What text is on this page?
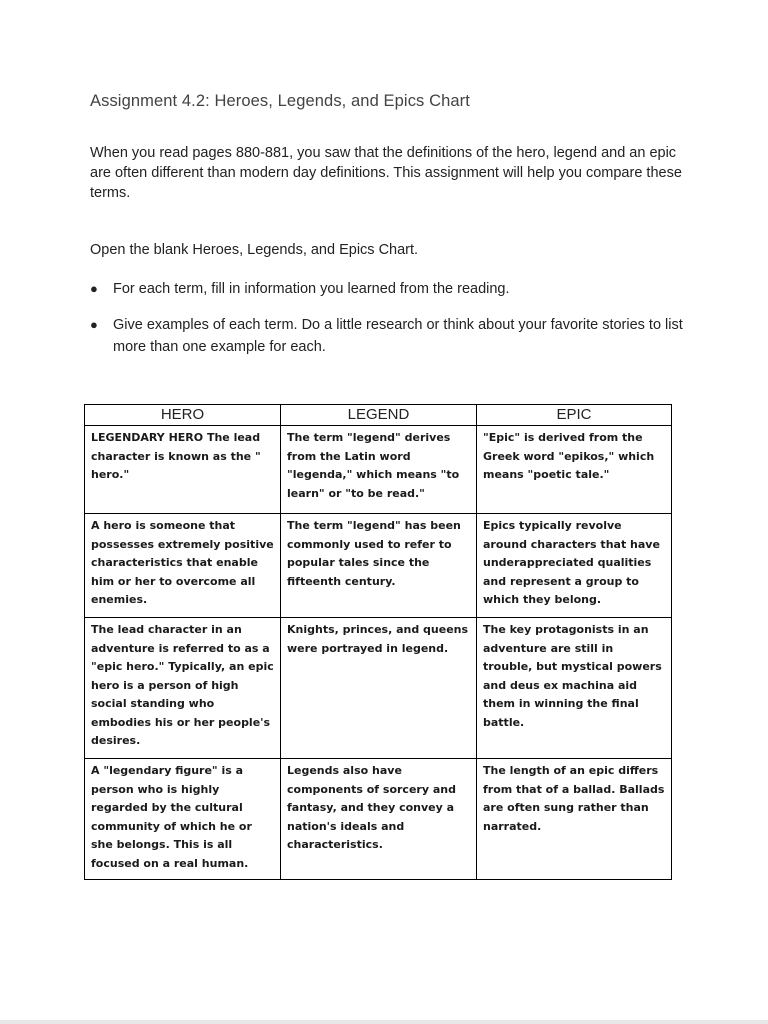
Assignment 4.2: Heroes, Legends, and Epics Chart
When you read pages 880-881, you saw that the definitions of the hero, legend and an epic are often different than modern day definitions. This assignment will help you compare these terms.
Open the blank Heroes, Legends, and Epics Chart.
● For each term, fill in information you learned from the reading.
● Give examples of each term. Do a little research or think about your favorite stories to list more than one example for each.
HERO	LEGEND	EPIC
LEGENDARY HERO The lead character is known as the " hero."	The term "legend" derives from the Latin word "legenda," which means "to learn" or "to be read."	"Epic" is derived from the Greek word "epikos," which means "poetic tale."
A hero is someone that possesses extremely positive characteristics that enable him or her to overcome all enemies.	The term "legend" has been commonly used to refer to popular tales since the fifteenth century.	Epics typically revolve around characters that have underappreciated qualities and represent a group to which they belong.
The lead character in an adventure is referred to as a "epic hero." Typically, an epic hero is a person of high social standing who embodies his or her people's desires.	Knights, princes, and queens were portrayed in legend.	The key protagonists in an adventure are still in trouble, but mystical powers and deus ex machina aid them in winning the final battle.
A "legendary figure" is a person who is highly regarded by the cultural community of which he or she belongs. This is all focused on a real human.	Legends also have components of sorcery and fantasy, and they convey a nation's ideals and characteristics.	The length of an epic differs from that of a ballad. Ballads are often sung rather than narrated.
